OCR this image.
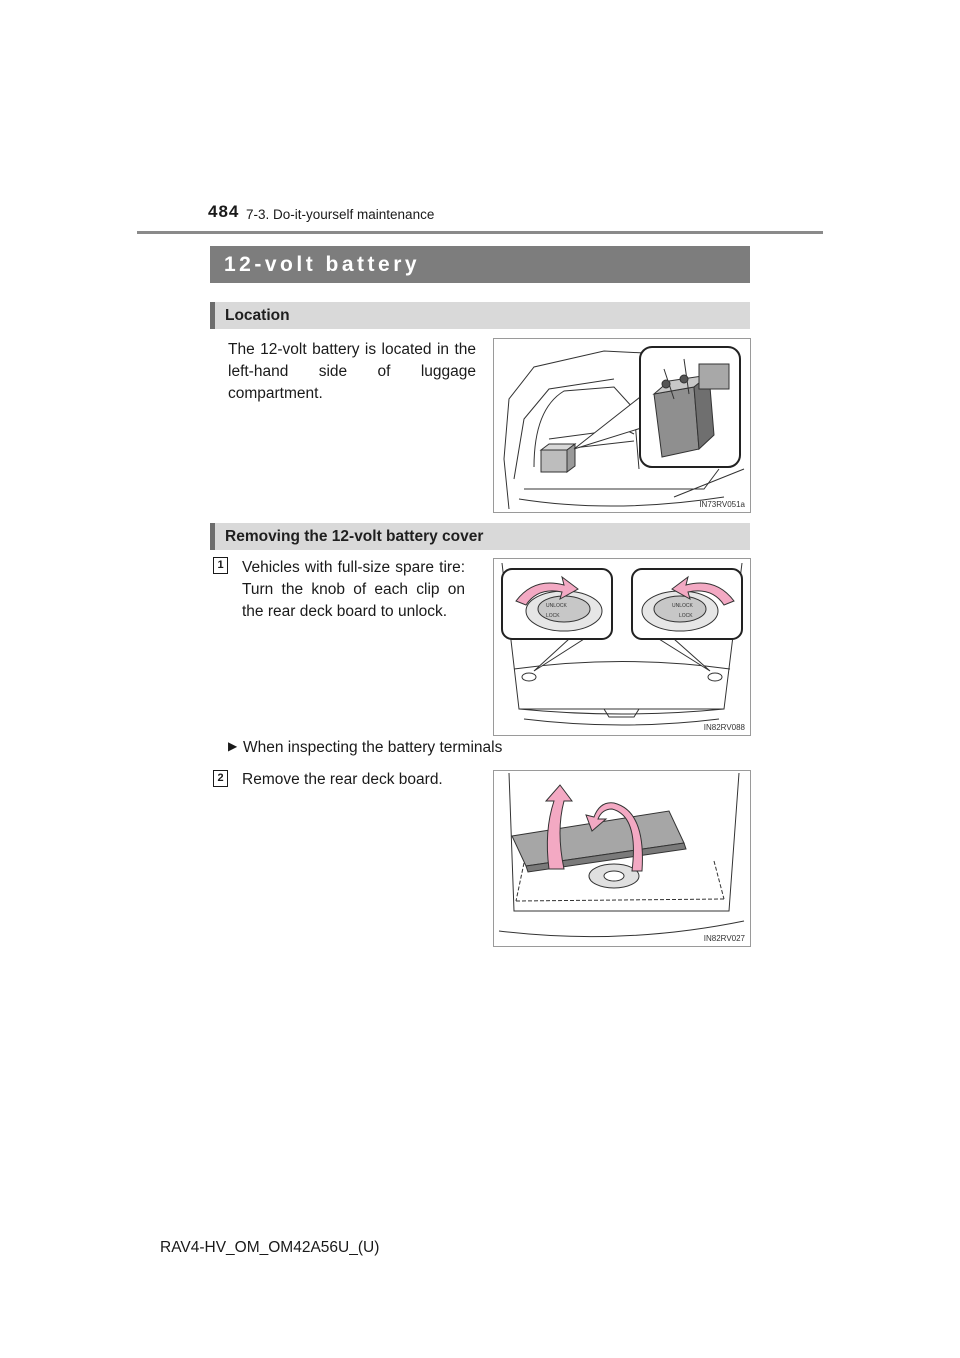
484 7-3. Do-it-yourself maintenance
12-volt battery
Location
The 12-volt battery is located in the left-hand side of luggage compartment.
IN73RV051a
Removing the 12-volt battery cover
1 Vehicles with full-size spare tire: Turn the knob of each clip on the rear deck board to unlock.	UNLOCK
LOCK
UNLOCK
LOCK
IN82RV088
▶ When inspecting the battery terminals
2 Remove the rear deck board.
IN82RV027
RAV4-HV_OM_OM42A56U_(U)
